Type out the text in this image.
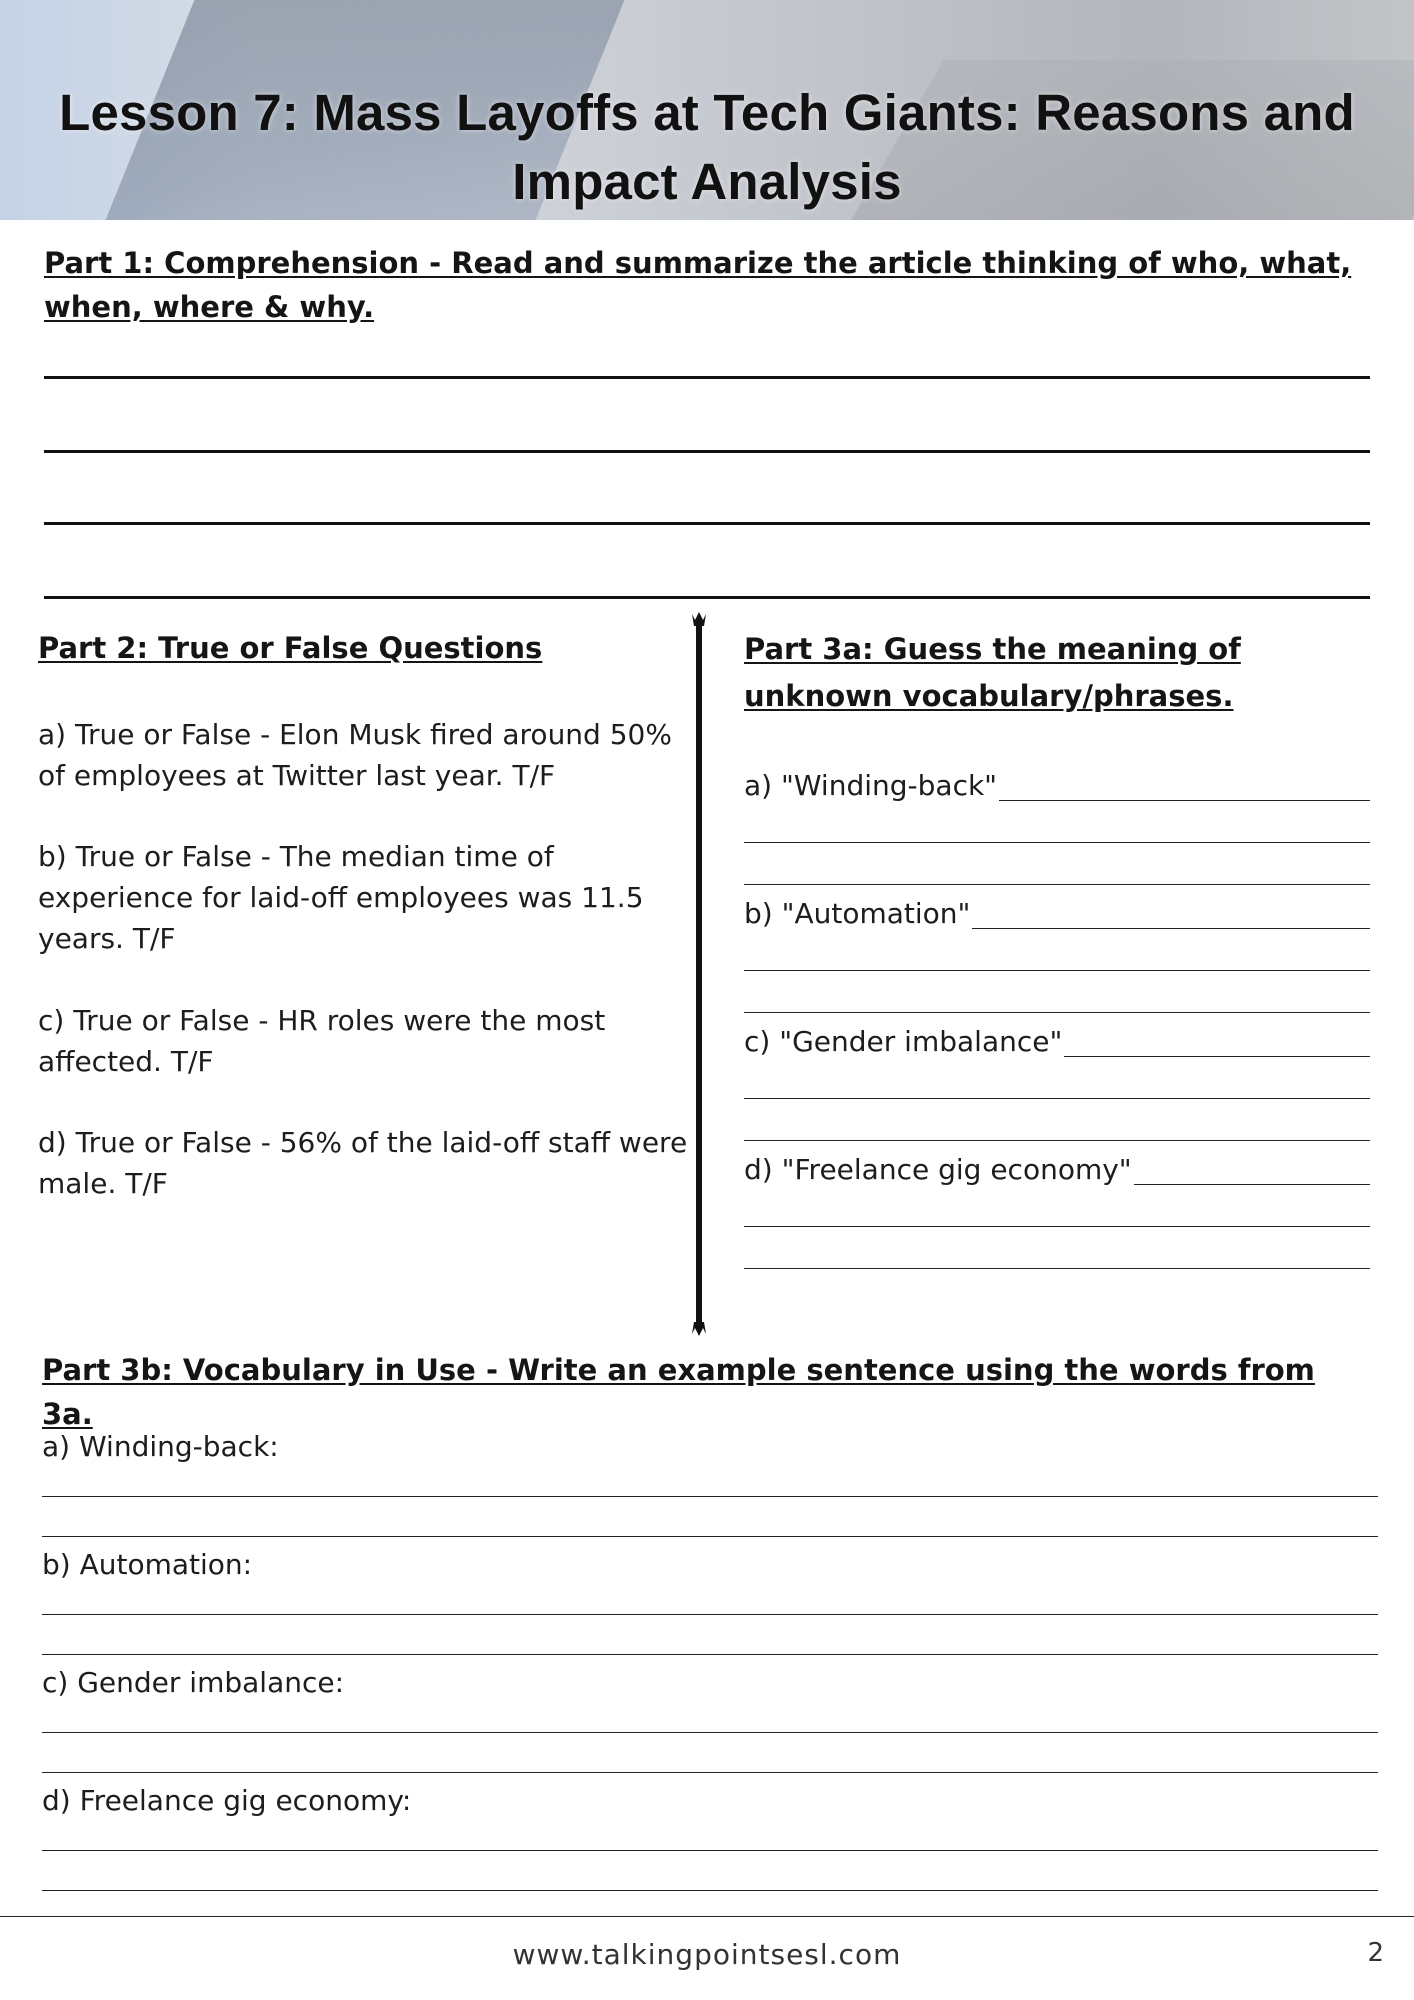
Lesson 7: Mass Layoffs at Tech Giants: Reasons and Impact Analysis

Part 1: Comprehension - Read and summarize the article thinking of who, what, when, where & why.

Part 2: True or False Questions

a) True or False - Elon Musk fired around 50% of employees at Twitter last year. T/F

b) True or False - The median time of experience for laid-off employees was 11.5 years. T/F

c) True or False - HR roles were the most affected. T/F

d) True or False - 56% of the laid-off staff were male. T/F

Part 3a: Guess the meaning of unknown vocabulary/phrases.

a) "Winding-back"

b) "Automation"

c) "Gender imbalance"

d) "Freelance gig economy"

Part 3b: Vocabulary in Use - Write an example sentence using the words from 3a.

a) Winding-back:

b) Automation:

c) Gender imbalance:

d) Freelance gig economy:

www.talkingpointsesl.com	2
